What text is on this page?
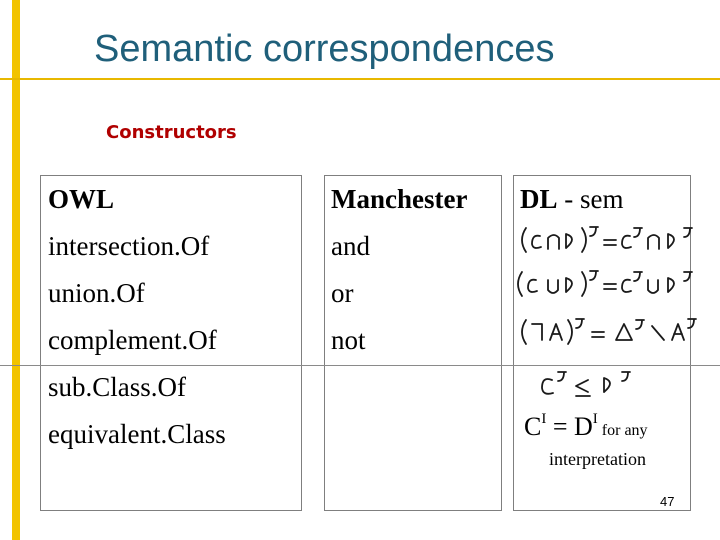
Semantic correspondences
Constructors
OWL
intersection.Of
union.Of
complement.Of
sub.Class.Of
equivalent.Class
Manchester
and
or
not
DL - sem
$C^I = D^I$ for any
interpretation
47
